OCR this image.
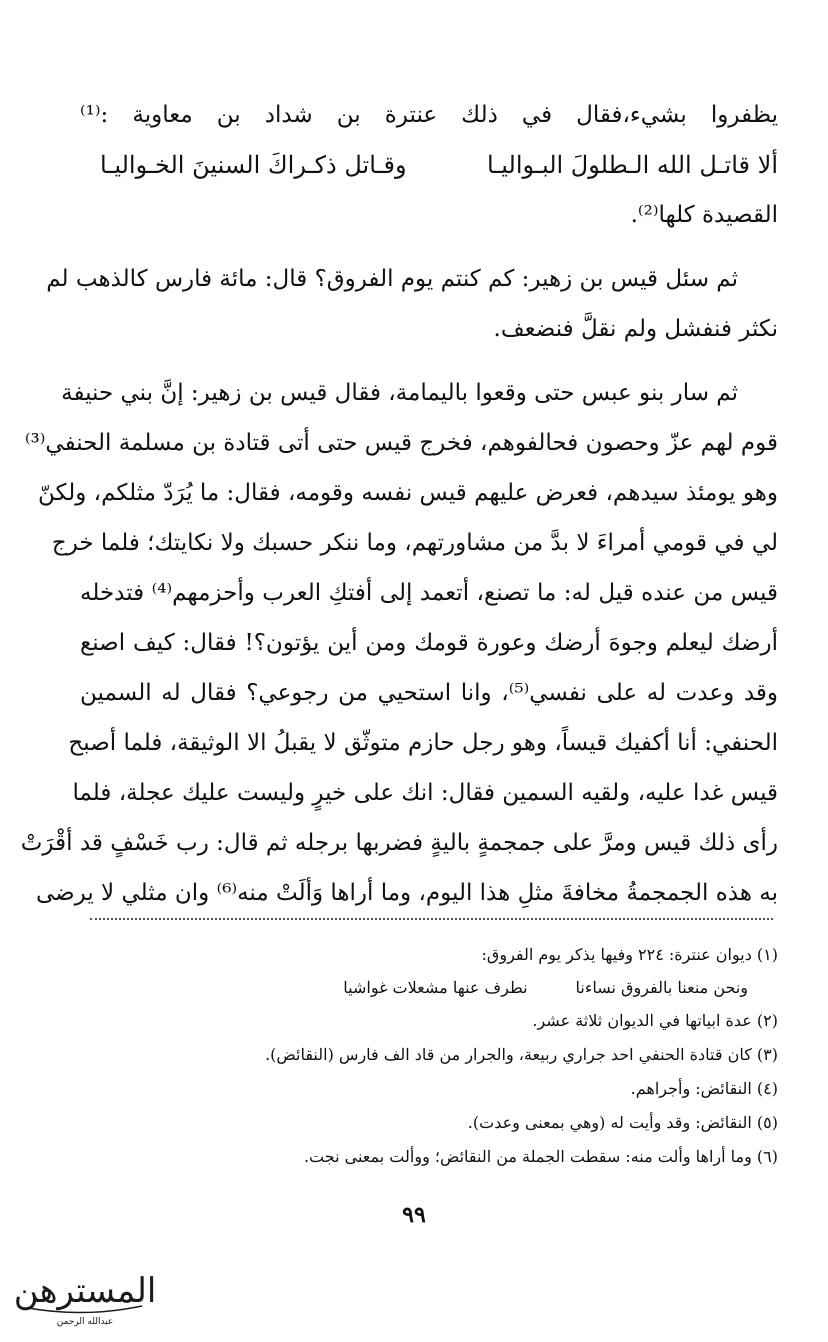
يظفروا بشيء،فقال في ذلك عنترة بن شداد بن معاوية :⁽¹⁾
ألا قاتـل الله الـطلولَ البـواليـا
وقـاتل ذكـراكَ السنينَ الخـواليـا
القصيدة كلها⁽²⁾.
ثم سئل قيس بن زهير: كم كنتم يوم الفروق؟ قال: مائة فارس كالذهب لم
نكثر فنفشل ولم نقلَّ فنضعف.
ثم سار بنو عبس حتى وقعوا باليمامة، فقال قيس بن زهير: إنَّ بني حنيفة
قوم لهم عزّ وحصون فحالفوهم، فخرج قيس حتى أتى قتادة بن مسلمة الحنفي⁽³⁾
وهو يومئذ سيدهم، فعرض عليهم قيس نفسه وقومه، فقال: ما يُرَدّ مثلكم، ولكنّ
لي في قومي أمراءَ لا بدَّ من مشاورتهم، وما ننكر حسبك ولا نكايتك؛ فلما خرج
قيس من عنده قيل له: ما تصنع، أتعمد إلى أفتكِ العرب وأحزمهم⁽⁴⁾ فتدخله
أرضك ليعلم وجوهَ أرضك وعورة قومك ومن أين يؤتون؟! فقال: كيف اصنع
وقد وعدت له على نفسي⁽⁵⁾، وانا استحيي من رجوعي؟ فقال له السمين
الحنفي: أنا أكفيك قيساً، وهو رجل حازم متوثّق لا يقبلُ الا الوثيقة، فلما أصبح
قيس غدا عليه، ولقيه السمين فقال: انك على خيرٍ وليست عليك عجلة، فلما
رأى ذلك قيس ومرَّ على جمجمةٍ باليةٍ فضربها برجله ثم قال: رب خَسْفٍ قد أقْرَتْ
به هذه الجمجمةُ مخافةَ مثلِ هذا اليوم، وما أراها وَألَتْ منه⁽⁶⁾ وان مثلي لا يرضى
(١) ديوان عنترة: ٢٢٤ وفيها يذكر يوم الفروق:
ونحن منعنا بالفروق نساءنا
نطرف عنها مشعلات غواشيا
(٢) عدة ابياتها في الديوان ثلاثة عشر.
(٣) كان قتادة الحنفي احد جراري ربيعة، والجرار من قاد الف فارس (النقائض).
(٤) النقائض: وأجراهم.
(٥) النقائض: وقد وأيت له (وهي بمعنى وعدت).
(٦) وما أراها وألت منه: سقطت الجملة من النقائض؛ ووألت بمعنى نجت.
٩٩
المسترهن
عبدالله الرحمن
